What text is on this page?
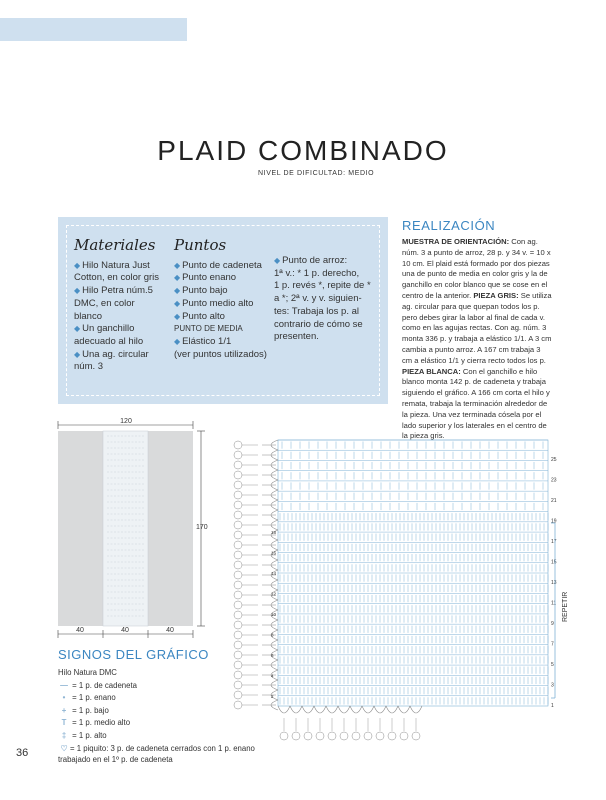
PLAID COMBINADO
NIVEL DE DIFICULTAD: MEDIO
Materiales
◆ Hilo Natura Just Cotton, en color gris
◆ Hilo Petra núm.5 DMC, en color blanco
◆ Un ganchillo adecuado al hilo
◆ Una ag. circular núm. 3
Puntos
◆ Punto de cadeneta
◆ Punto enano
◆ Punto bajo
◆ Punto medio alto
◆ Punto alto
PUNTO DE MEDIA
◆ Elástico 1/1
(ver puntos utilizados)
◆ Punto de arroz:
1ª v.: * 1 p. derecho,
1 p. revés *, repite de *
a *; 2ª v. y v. siguien-
tes: Trabaja los p. al
contrario de cómo se
presenten.
REALIZACIÓN
MUESTRA DE ORIENTACIÓN: Con ag. núm. 3 a punto de arroz, 28 p. y 34 v. = 10 x 10 cm. El plaid está formado por dos piezas una de punto de media en color gris y la de ganchillo en color blanco que se cose en el centro de la anterior. PIEZA GRIS: Se utiliza ag. circular para que quepan todos los p. pero debes girar la labor al final de cada v. como en las agujas rectas. Con ag. núm. 3 monta 336 p. y trabaja a elástico 1/1. A 3 cm cambia a punto arroz. A 167 cm trabaja 3 cm a elástico 1/1 y cierra recto todos los p. PIEZA BLANCA: Con el ganchillo e hilo blanco monta 142 p. de cadeneta y trabaja siguiendo el gráfico. A 166 cm corta el hilo y remata, trabaja la terminación alrededor de la pieza. Una vez terminada cósela por el lado superior y los laterales en el centro de la pieza gris.
120
170
40	40	40
25
23
21
19
17
15
13
11
9
7
5
3
1
18
16
14
12
10
8
6
4
2
REPETIR
SIGNOS DEL GRÁFICO
Hilo Natura DMC
— = 1 p. de cadeneta
• = 1 p. enano
+ = 1 p. bajo
T = 1 p. medio alto
‡ = 1 p. alto
♡ = 1 piquito: 3 p. de cadeneta cerrados con 1 p. enano trabajado en el 1º p. de cadeneta
36
